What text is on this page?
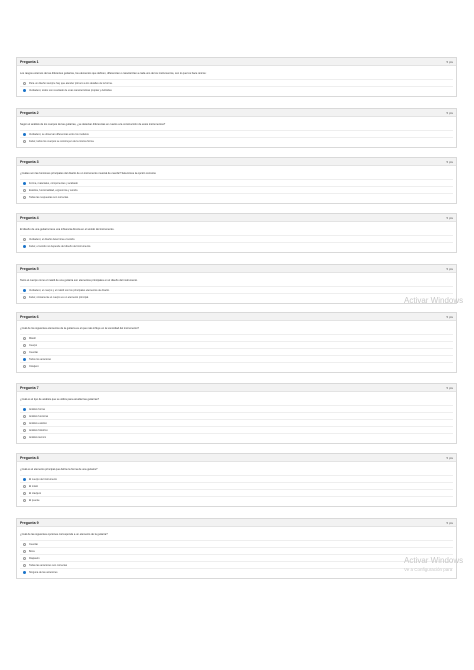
Pregunta 1	5 pts
Los rasgos externos de las diferentes guitarras, los elementos que definen, diferencian o caracterizan a cada uno de los instrumentos, son lo que los hace únicos:
Para un diseño siempre hay que atender primero a los detalles de la forma.
Verdadero; todos son resultado de unas características propias y definidas.
Pregunta 2	5 pts
Según el análisis de los cuerpos de las guitarras, ¿se detectan diferencias en cuanto a la construcción de estos instrumentos?
Verdadero; se observan diferencias entre los modelos.
Falso; todos los cuerpos se construyen de la misma forma.
Pregunta 3	5 pts
¿Cuáles son las funciones principales del diseño de un instrumento musical de cuerda? Seleccione la opción correcta:
Forma, materiales, componentes y acabado.
Estética, funcionalidad, ergonomía y sonido.
Todas las respuestas son correctas.
Pregunta 4	5 pts
El diseño de una guitarra tiene una influencia directa en el sonido del instrumento.
Verdadero; el diseño determina el sonido.
Falso; el sonido no depende del diseño del instrumento.
Pregunta 5	5 pts
Tanto el cuerpo como el mástil de una guitarra son elementos principales en el diseño del instrumento.
Verdadero; el cuerpo y el mástil son los principales elementos de diseño.
Falso; únicamente el cuerpo es un elemento principal.
Pregunta 6	5 pts
¿Cuál de los siguientes elementos de la guitarra es el que más influye en la sonoridad del instrumento?
Mástil
Cuerpo
Cuerdas
Todos los anteriores
Clavijero
Pregunta 7	5 pts
¿Cuál es el tipo de análisis que se utiliza para estudiar las guitarras?
Análisis formal
Análisis funcional
Análisis estético
Análisis histórico
Análisis técnico
Pregunta 8	5 pts
¿Cuál es el elemento principal que define la forma de una guitarra?
El cuerpo del instrumento
El mástil
El clavijero
El puente
Pregunta 9	5 pts
¿Cuál de las siguientes opciones corresponde a un elemento de la guitarra?
Cuerdas
Boca
Diapasón
Todas las anteriores son correctas
Ninguna de las anteriores
Activar Windows
Activar Windows
Ve a Configuración para
